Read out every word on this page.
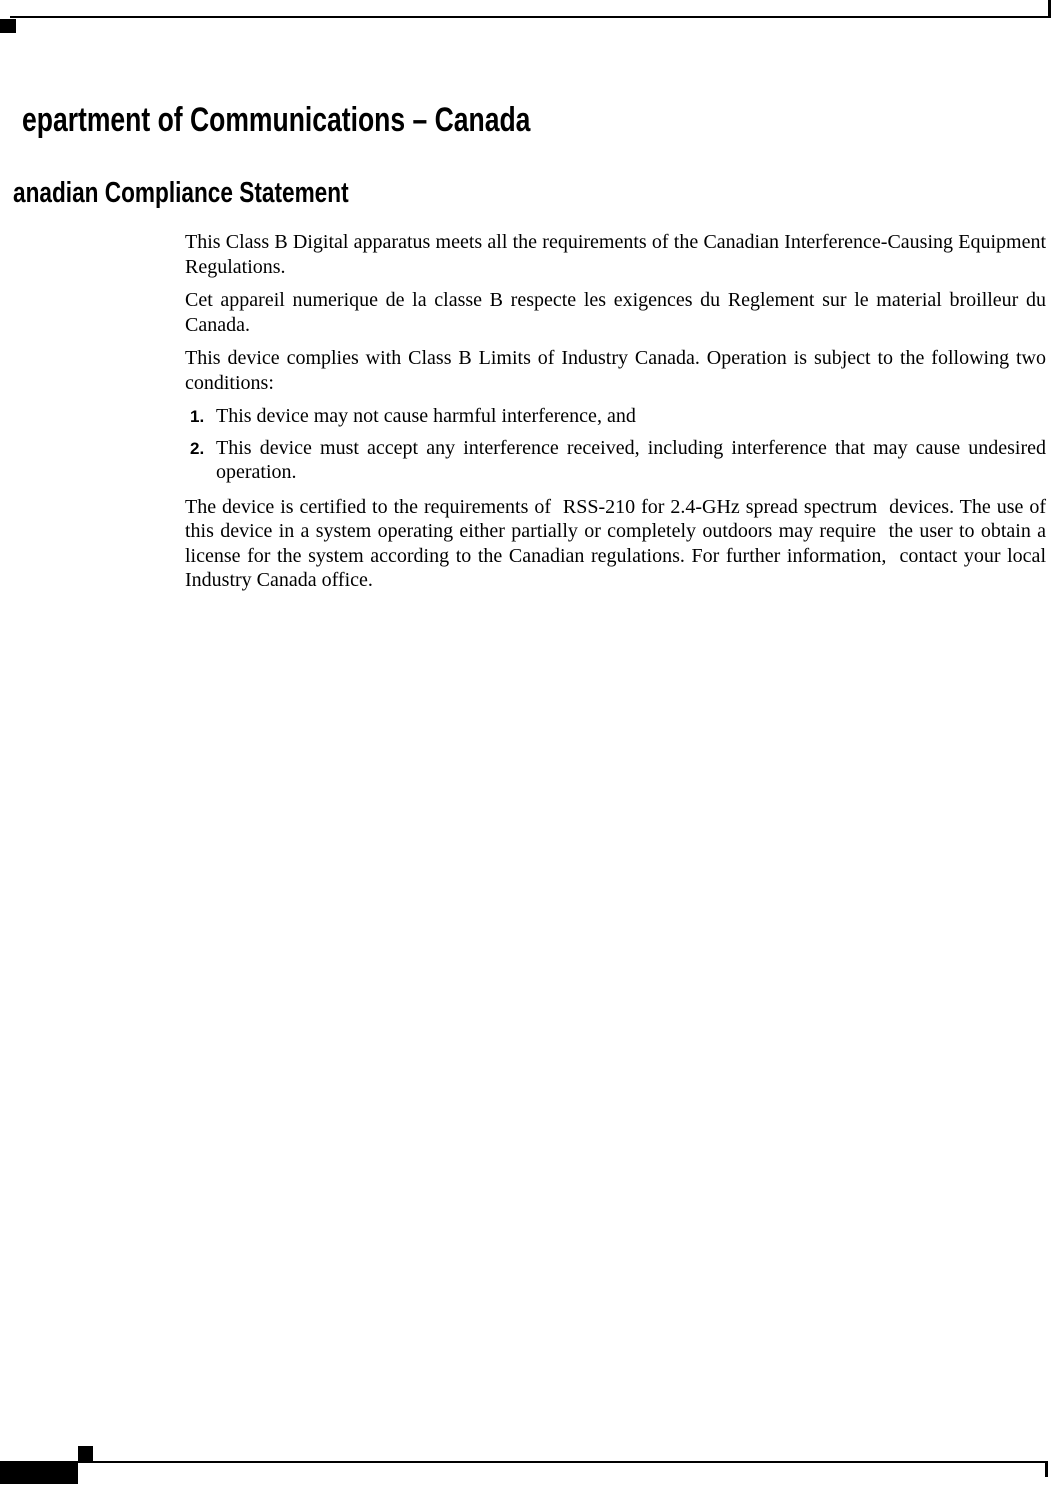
epartment of Communications – Canada
anadian Compliance Statement

This Class B Digital apparatus meets all the requirements of the Canadian Interference-Causing Equipment Regulations.

Cet appareil numerique de la classe B respecte les exigences du Reglement sur le material broilleur du Canada.

This device complies with Class B Limits of Industry Canada. Operation is subject to the following two conditions:

1. This device may not cause harmful interference, and
2. This device must accept any interference received, including interference that may cause undesired operation.

The device is certified to the requirements of  RSS-210 for 2.4-GHz spread spectrum  devices. The use of this device in a system operating either partially or completely outdoors may require  the user to obtain a license for the system according to the Canadian regulations. For further information,  contact your local Industry Canada office.
